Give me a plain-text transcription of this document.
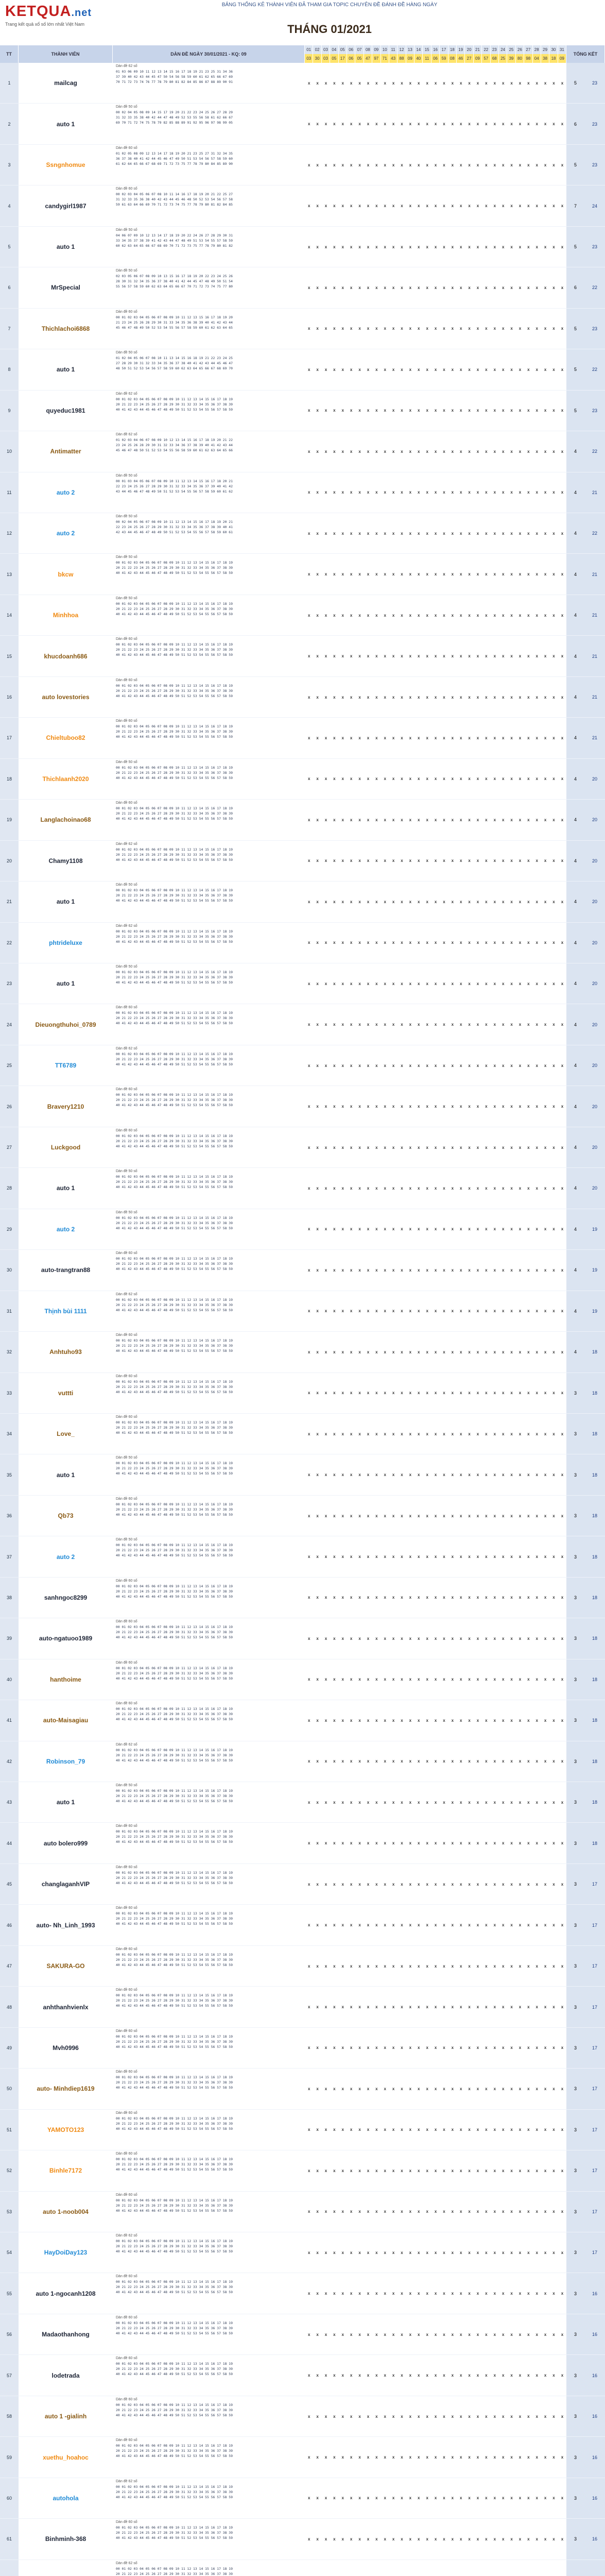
KETQUA.net
Trang kết quả xổ số lớn nhất Việt Nam
BẢNG THỐNG KÊ THÀNH VIÊN ĐÃ THAM GIA TOPIC CHUYÊN ĐỀ ĐÁNH ĐỀ HÀNG NGÀY
THÁNG 01/2021
TT	THÀNH VIÊN	DÀN ĐỀ NGÀY 30/01/2021 - KQ: 09
01 02 03 04 05 06 07 08 09 10 11 12 13 14 15 16 17 18 19 20 21 22 23 24 25 26 27 28 29 30 31
03 30 03 05 17 06 05 47 97 71 43 88 09 40 11 06 59 08 46 27 09 57 68 25 39 80 98 04 38 18 09
TỔNG KẾT
1	mailcag
Dàn đề 62 số
01 03 06 09 10 11 12 13 14 15 16 17 18 19 21 23 25 31 34 36
37 39 40 42 43 44 45 47 50 54 56 58 59 60 61 62 65 66 67 69
70 71 72 73 74 76 77 78 79 80 81 82 84 85 86 87 88 89 90 91	x	x	x	x	x	x	x	x	x	x	x	x	x	x	x	x	x	x	x	x	x	x	x	x	x	x	x	x	x	x	x	5	23
2	auto 1
Dàn đề 50 số
00 02 04 05 08 09 14 15 17 19 20 21 22 23 24 25 26 27 28 29
31 32 33 35 38 40 42 44 47 48 49 52 53 55 56 58 61 62 66 67
69 70 71 72 74 75 78 79 82 85 88 89 91 92 95 96 97 98 99 05	x	x	x	x	x	x	x	x	x	x	x	x	x	x	x	x	x	x	x	x	x	x	x	x	x	x	x	x	x	x	x	6	23
3	Ssngnhomue
Dàn đề 60 số
01 02 05 08 09 12 13 14 17 18 19 20 21 23 25 27 31 32 34 35
36 37 38 40 41 42 44 45 46 47 49 50 51 53 54 56 57 58 59 60
61 62 64 65 66 67 68 69 71 72 73 75 77 78 79 80 84 85 89 90	x	x	x	x	x	x	x	x	x	x	x	x	x	x	x	x	x	x	x	x	x	x	x	x	x	x	x	x	x	x	x	5	23
4	candygirl1987
Dàn đề 60 số
00 02 03 04 05 06 07 08 10 11 14 16 17 18 19 20 21 22 25 27
31 32 33 35 36 38 40 42 43 44 45 46 48 50 52 53 54 56 57 58
59 61 63 64 66 69 70 71 72 73 74 75 77 78 79 80 81 82 84 85	x	x	x	x	x	x	x	x	x	x	x	x	x	x	x	x	x	x	x	x	x	x	x	x	x	x	x	x	x	x	x	7	24
5	auto 1
Dàn đề 50 số
04 06 07 09 10 12 13 14 17 18 19 20 22 24 26 27 28 29 30 31
33 34 35 37 38 39 41 42 43 44 47 48 49 51 53 54 55 57 58 59
60 62 63 64 65 66 67 68 69 70 71 72 73 75 77 78 79 80 81 82	x	x	x	x	x	x	x	x	x	x	x	x	x	x	x	x	x	x	x	x	x	x	x	x	x	x	x	x	x	x	x	5	23
6	MrSpecial
Dàn đề 50 số
02 03 05 06 07 08 09 10 13 15 16 17 18 19 20 22 23 24 25 26
28 30 31 32 34 35 36 37 38 40 41 42 44 45 47 48 49 50 51 54
55 56 57 58 59 60 62 63 64 65 66 67 70 71 72 73 74 75 77 80	x	x	x	x	x	x	x	x	x	x	x	x	x	x	x	x	x	x	x	x	x	x	x	x	x	x	x	x	x	x	x	6	22
7	Thichlachoi6868
Dàn đề 60 số
00 01 02 03 04 05 06 07 08 09 10 11 12 13 15 16 17 18 19 20
21 23 24 25 26 28 29 30 31 33 34 35 36 38 39 40 41 42 43 44
45 46 47 48 49 50 52 53 54 55 56 57 58 59 60 61 62 63 64 65	x	x	x	x	x	x	x	x	x	x	x	x	x	x	x	x	x	x	x	x	x	x	x	x	x	x	x	x	x	x	x	5	23
8	auto 1
Dàn đề 50 số
01 02 04 05 06 07 08 10 11 13 14 15 16 18 19 21 22 23 24 25
27 28 29 30 31 32 33 34 35 36 37 38 40 41 42 43 44 45 46 47
48 50 51 52 53 54 56 57 58 59 60 62 63 64 65 66 67 68 69 70	x	x	x	x	x	x	x	x	x	x	x	x	x	x	x	x	x	x	x	x	x	x	x	x	x	x	x	x	x	x	x	5	22
9	quyeduc1981
Dàn đề 62 số
00 01 02 03 04 05 06 07 08 09 10 11 12 13 14 15 16 17 18 19
20 21 22 23 24 25 26 27 28 29 30 31 32 33 34 35 36 37 38 39
40 41 42 43 44 45 46 47 48 49 50 51 52 53 54 55 56 57 58 59	x	x	x	x	x	x	x	x	x	x	x	x	x	x	x	x	x	x	x	x	x	x	x	x	x	x	x	x	x	x	x	5	23
10	Antimatter
Dàn đề 62 số
01 02 03 04 06 07 08 09 10 12 13 14 15 16 17 18 19 20 21 22
23 24 25 26 28 29 30 31 32 33 34 36 37 38 39 40 41 42 43 44
45 46 47 48 50 51 52 53 54 55 56 58 59 60 61 62 63 64 65 66	x	x	x	x	x	x	x	x	x	x	x	x	x	x	x	x	x	x	x	x	x	x	x	x	x	x	x	x	x	x	x	4	22
11	auto 2
Dàn đề 50 số
00 01 03 04 05 06 07 08 09 10 11 12 13 14 15 16 17 18 20 21
22 23 24 25 26 27 28 29 30 31 32 33 34 35 36 37 39 40 41 42
43 44 45 46 47 48 49 50 51 52 53 54 55 56 57 58 59 60 61 62	x	x	x	x	x	x	x	x	x	x	x	x	x	x	x	x	x	x	x	x	x	x	x	x	x	x	x	x	x	x	x	4	21
12	auto 2
Dàn đề 50 số
00 02 04 05 06 07 08 09 10 11 12 13 14 15 16 17 18 19 20 21
22 23 24 25 26 27 28 29 30 31 32 33 34 35 36 37 38 39 40 41
42 43 44 45 46 47 48 49 50 51 52 53 54 55 56 57 58 59 60 61	x	x	x	x	x	x	x	x	x	x	x	x	x	x	x	x	x	x	x	x	x	x	x	x	x	x	x	x	x	x	x	4	22
13	bkcw
Dàn đề 50 số
00 01 02 03 04 05 06 07 08 09 10 11 12 13 14 15 16 17 18 19
20 21 22 23 24 25 26 27 28 29 30 31 32 33 34 35 36 37 38 39
40 41 42 43 44 45 46 47 48 49 50 51 52 53 54 55 56 57 58 59	x	x	x	x	x	x	x	x	x	x	x	x	x	x	x	x	x	x	x	x	x	x	x	x	x	x	x	x	x	x	x	4	21
14	Minhhoa
Dàn đề 50 số
00 01 02 03 04 05 06 07 08 09 10 11 12 13 14 15 16 17 18 19
20 21 22 23 24 25 26 27 28 29 30 31 32 33 34 35 36 37 38 39
40 41 42 43 44 45 46 47 48 49 50 51 52 53 54 55 56 57 58 59	x	x	x	x	x	x	x	x	x	x	x	x	x	x	x	x	x	x	x	x	x	x	x	x	x	x	x	x	x	x	x	4	21
15	khucdoanh686
Dàn đề 60 số
00 01 02 03 04 05 06 07 08 09 10 11 12 13 14 15 16 17 18 19
20 21 22 23 24 25 26 27 28 29 30 31 32 33 34 35 36 37 38 39
40 41 42 43 44 45 46 47 48 49 50 51 52 53 54 55 56 57 58 59	x	x	x	x	x	x	x	x	x	x	x	x	x	x	x	x	x	x	x	x	x	x	x	x	x	x	x	x	x	x	x	4	21
16	auto lovestories
Dàn đề 60 số
00 01 02 03 04 05 06 07 08 09 10 11 12 13 14 15 16 17 18 19
20 21 22 23 24 25 26 27 28 29 30 31 32 33 34 35 36 37 38 39
40 41 42 43 44 45 46 47 48 49 50 51 52 53 54 55 56 57 58 59	x	x	x	x	x	x	x	x	x	x	x	x	x	x	x	x	x	x	x	x	x	x	x	x	x	x	x	x	x	x	x	4	21
17	Chieltuboo82
Dàn đề 60 số
00 01 02 03 04 05 06 07 08 09 10 11 12 13 14 15 16 17 18 19
20 21 22 23 24 25 26 27 28 29 30 31 32 33 34 35 36 37 38 39
40 41 42 43 44 45 46 47 48 49 50 51 52 53 54 55 56 57 58 59	x	x	x	x	x	x	x	x	x	x	x	x	x	x	x	x	x	x	x	x	x	x	x	x	x	x	x	x	x	x	x	4	21
18	Thichlaanh2020
Dàn đề 50 số
00 01 02 03 04 05 06 07 08 09 10 11 12 13 14 15 16 17 18 19
20 21 22 23 24 25 26 27 28 29 30 31 32 33 34 35 36 37 38 39
40 41 42 43 44 45 46 47 48 49 50 51 52 53 54 55 56 57 58 59	x	x	x	x	x	x	x	x	x	x	x	x	x	x	x	x	x	x	x	x	x	x	x	x	x	x	x	x	x	x	x	4	20
19	Langlachoinao68
Dàn đề 60 số
00 01 02 03 04 05 06 07 08 09 10 11 12 13 14 15 16 17 18 19
20 21 22 23 24 25 26 27 28 29 30 31 32 33 34 35 36 37 38 39
40 41 42 43 44 45 46 47 48 49 50 51 52 53 54 55 56 57 58 59	x	x	x	x	x	x	x	x	x	x	x	x	x	x	x	x	x	x	x	x	x	x	x	x	x	x	x	x	x	x	x	4	20
20	Chamy1108
Dàn đề 62 số
00 01 02 03 04 05 06 07 08 09 10 11 12 13 14 15 16 17 18 19
20 21 22 23 24 25 26 27 28 29 30 31 32 33 34 35 36 37 38 39
40 41 42 43 44 45 46 47 48 49 50 51 52 53 54 55 56 57 58 59	x	x	x	x	x	x	x	x	x	x	x	x	x	x	x	x	x	x	x	x	x	x	x	x	x	x	x	x	x	x	x	4	20
21	auto 1
Dàn đề 50 số
00 01 02 03 04 05 06 07 08 09 10 11 12 13 14 15 16 17 18 19
20 21 22 23 24 25 26 27 28 29 30 31 32 33 34 35 36 37 38 39
40 41 42 43 44 45 46 47 48 49 50 51 52 53 54 55 56 57 58 59	x	x	x	x	x	x	x	x	x	x	x	x	x	x	x	x	x	x	x	x	x	x	x	x	x	x	x	x	x	x	x	4	20
22	phtrideluxe
Dàn đề 62 số
00 01 02 03 04 05 06 07 08 09 10 11 12 13 14 15 16 17 18 19
20 21 22 23 24 25 26 27 28 29 30 31 32 33 34 35 36 37 38 39
40 41 42 43 44 45 46 47 48 49 50 51 52 53 54 55 56 57 58 59	x	x	x	x	x	x	x	x	x	x	x	x	x	x	x	x	x	x	x	x	x	x	x	x	x	x	x	x	x	x	x	4	20
23	auto 1
Dàn đề 50 số
00 01 02 03 04 05 06 07 08 09 10 11 12 13 14 15 16 17 18 19
20 21 22 23 24 25 26 27 28 29 30 31 32 33 34 35 36 37 38 39
40 41 42 43 44 45 46 47 48 49 50 51 52 53 54 55 56 57 58 59	x	x	x	x	x	x	x	x	x	x	x	x	x	x	x	x	x	x	x	x	x	x	x	x	x	x	x	x	x	x	x	4	20
24	Dieuongthuhoi_0789
Dàn đề 60 số
00 01 02 03 04 05 06 07 08 09 10 11 12 13 14 15 16 17 18 19
20 21 22 23 24 25 26 27 28 29 30 31 32 33 34 35 36 37 38 39
40 41 42 43 44 45 46 47 48 49 50 51 52 53 54 55 56 57 58 59	x	x	x	x	x	x	x	x	x	x	x	x	x	x	x	x	x	x	x	x	x	x	x	x	x	x	x	x	x	x	x	4	20
25	TT6789
Dàn đề 62 số
00 01 02 03 04 05 06 07 08 09 10 11 12 13 14 15 16 17 18 19
20 21 22 23 24 25 26 27 28 29 30 31 32 33 34 35 36 37 38 39
40 41 42 43 44 45 46 47 48 49 50 51 52 53 54 55 56 57 58 59	x	x	x	x	x	x	x	x	x	x	x	x	x	x	x	x	x	x	x	x	x	x	x	x	x	x	x	x	x	x	x	4	20
26	Bravery1210
Dàn đề 60 số
00 01 02 03 04 05 06 07 08 09 10 11 12 13 14 15 16 17 18 19
20 21 22 23 24 25 26 27 28 29 30 31 32 33 34 35 36 37 38 39
40 41 42 43 44 45 46 47 48 49 50 51 52 53 54 55 56 57 58 59	x	x	x	x	x	x	x	x	x	x	x	x	x	x	x	x	x	x	x	x	x	x	x	x	x	x	x	x	x	x	x	4	20
27	Luckgood
Dàn đề 60 số
00 01 02 03 04 05 06 07 08 09 10 11 12 13 14 15 16 17 18 19
20 21 22 23 24 25 26 27 28 29 30 31 32 33 34 35 36 37 38 39
40 41 42 43 44 45 46 47 48 49 50 51 52 53 54 55 56 57 58 59	x	x	x	x	x	x	x	x	x	x	x	x	x	x	x	x	x	x	x	x	x	x	x	x	x	x	x	x	x	x	x	4	20
28	auto 1
Dàn đề 50 số
00 01 02 03 04 05 06 07 08 09 10 11 12 13 14 15 16 17 18 19
20 21 22 23 24 25 26 27 28 29 30 31 32 33 34 35 36 37 38 39
40 41 42 43 44 45 46 47 48 49 50 51 52 53 54 55 56 57 58 59	x	x	x	x	x	x	x	x	x	x	x	x	x	x	x	x	x	x	x	x	x	x	x	x	x	x	x	x	x	x	x	4	20
29	auto 2
Dàn đề 50 số
00 01 02 03 04 05 06 07 08 09 10 11 12 13 14 15 16 17 18 19
20 21 22 23 24 25 26 27 28 29 30 31 32 33 34 35 36 37 38 39
40 41 42 43 44 45 46 47 48 49 50 51 52 53 54 55 56 57 58 59	x	x	x	x	x	x	x	x	x	x	x	x	x	x	x	x	x	x	x	x	x	x	x	x	x	x	x	x	x	x	x	4	19
30	auto-trangtran88
Dàn đề 60 số
00 01 02 03 04 05 06 07 08 09 10 11 12 13 14 15 16 17 18 19
20 21 22 23 24 25 26 27 28 29 30 31 32 33 34 35 36 37 38 39
40 41 42 43 44 45 46 47 48 49 50 51 52 53 54 55 56 57 58 59	x	x	x	x	x	x	x	x	x	x	x	x	x	x	x	x	x	x	x	x	x	x	x	x	x	x	x	x	x	x	x	4	19
31	Thịnh bùi 1111
Dàn đề 62 số
00 01 02 03 04 05 06 07 08 09 10 11 12 13 14 15 16 17 18 19
20 21 22 23 24 25 26 27 28 29 30 31 32 33 34 35 36 37 38 39
40 41 42 43 44 45 46 47 48 49 50 51 52 53 54 55 56 57 58 59	x	x	x	x	x	x	x	x	x	x	x	x	x	x	x	x	x	x	x	x	x	x	x	x	x	x	x	x	x	x	x	4	19
32	Anhtuho93
Dàn đề 60 số
00 01 02 03 04 05 06 07 08 09 10 11 12 13 14 15 16 17 18 19
20 21 22 23 24 25 26 27 28 29 30 31 32 33 34 35 36 37 38 39
40 41 42 43 44 45 46 47 48 49 50 51 52 53 54 55 56 57 58 59	x	x	x	x	x	x	x	x	x	x	x	x	x	x	x	x	x	x	x	x	x	x	x	x	x	x	x	x	x	x	x	4	18
33	vuttti
Dàn đề 60 số
00 01 02 03 04 05 06 07 08 09 10 11 12 13 14 15 16 17 18 19
20 21 22 23 24 25 26 27 28 29 30 31 32 33 34 35 36 37 38 39
40 41 42 43 44 45 46 47 48 49 50 51 52 53 54 55 56 57 58 59	x	x	x	x	x	x	x	x	x	x	x	x	x	x	x	x	x	x	x	x	x	x	x	x	x	x	x	x	x	x	x	3	18
34	Love_
Dàn đề 60 số
00 01 02 03 04 05 06 07 08 09 10 11 12 13 14 15 16 17 18 19
20 21 22 23 24 25 26 27 28 29 30 31 32 33 34 35 36 37 38 39
40 41 42 43 44 45 46 47 48 49 50 51 52 53 54 55 56 57 58 59	x	x	x	x	x	x	x	x	x	x	x	x	x	x	x	x	x	x	x	x	x	x	x	x	x	x	x	x	x	x	x	3	18
35	auto 1
Dàn đề 50 số
00 01 02 03 04 05 06 07 08 09 10 11 12 13 14 15 16 17 18 19
20 21 22 23 24 25 26 27 28 29 30 31 32 33 34 35 36 37 38 39
40 41 42 43 44 45 46 47 48 49 50 51 52 53 54 55 56 57 58 59	x	x	x	x	x	x	x	x	x	x	x	x	x	x	x	x	x	x	x	x	x	x	x	x	x	x	x	x	x	x	x	3	18
36	Qb73
Dàn đề 60 số
00 01 02 03 04 05 06 07 08 09 10 11 12 13 14 15 16 17 18 19
20 21 22 23 24 25 26 27 28 29 30 31 32 33 34 35 36 37 38 39
40 41 42 43 44 45 46 47 48 49 50 51 52 53 54 55 56 57 58 59	x	x	x	x	x	x	x	x	x	x	x	x	x	x	x	x	x	x	x	x	x	x	x	x	x	x	x	x	x	x	x	3	18
37	auto 2
Dàn đề 50 số
00 01 02 03 04 05 06 07 08 09 10 11 12 13 14 15 16 17 18 19
20 21 22 23 24 25 26 27 28 29 30 31 32 33 34 35 36 37 38 39
40 41 42 43 44 45 46 47 48 49 50 51 52 53 54 55 56 57 58 59	x	x	x	x	x	x	x	x	x	x	x	x	x	x	x	x	x	x	x	x	x	x	x	x	x	x	x	x	x	x	x	3	18
38	sanhngoc8299
Dàn đề 60 số
00 01 02 03 04 05 06 07 08 09 10 11 12 13 14 15 16 17 18 19
20 21 22 23 24 25 26 27 28 29 30 31 32 33 34 35 36 37 38 39
40 41 42 43 44 45 46 47 48 49 50 51 52 53 54 55 56 57 58 59	x	x	x	x	x	x	x	x	x	x	x	x	x	x	x	x	x	x	x	x	x	x	x	x	x	x	x	x	x	x	x	3	18
39	auto-ngatuoo1989
Dàn đề 60 số
00 01 02 03 04 05 06 07 08 09 10 11 12 13 14 15 16 17 18 19
20 21 22 23 24 25 26 27 28 29 30 31 32 33 34 35 36 37 38 39
40 41 42 43 44 45 46 47 48 49 50 51 52 53 54 55 56 57 58 59	x	x	x	x	x	x	x	x	x	x	x	x	x	x	x	x	x	x	x	x	x	x	x	x	x	x	x	x	x	x	x	3	18
40	hanthoime
Dàn đề 60 số
00 01 02 03 04 05 06 07 08 09 10 11 12 13 14 15 16 17 18 19
20 21 22 23 24 25 26 27 28 29 30 31 32 33 34 35 36 37 38 39
40 41 42 43 44 45 46 47 48 49 50 51 52 53 54 55 56 57 58 59	x	x	x	x	x	x	x	x	x	x	x	x	x	x	x	x	x	x	x	x	x	x	x	x	x	x	x	x	x	x	x	3	18
41	auto-Maisagiau
Dàn đề 60 số
00 01 02 03 04 05 06 07 08 09 10 11 12 13 14 15 16 17 18 19
20 21 22 23 24 25 26 27 28 29 30 31 32 33 34 35 36 37 38 39
40 41 42 43 44 45 46 47 48 49 50 51 52 53 54 55 56 57 58 59	x	x	x	x	x	x	x	x	x	x	x	x	x	x	x	x	x	x	x	x	x	x	x	x	x	x	x	x	x	x	x	3	18
42	Robinson_79
Dàn đề 62 số
00 01 02 03 04 05 06 07 08 09 10 11 12 13 14 15 16 17 18 19
20 21 22 23 24 25 26 27 28 29 30 31 32 33 34 35 36 37 38 39
40 41 42 43 44 45 46 47 48 49 50 51 52 53 54 55 56 57 58 59	x	x	x	x	x	x	x	x	x	x	x	x	x	x	x	x	x	x	x	x	x	x	x	x	x	x	x	x	x	x	x	3	18
43	auto 1
Dàn đề 50 số
00 01 02 03 04 05 06 07 08 09 10 11 12 13 14 15 16 17 18 19
20 21 22 23 24 25 26 27 28 29 30 31 32 33 34 35 36 37 38 39
40 41 42 43 44 45 46 47 48 49 50 51 52 53 54 55 56 57 58 59	x	x	x	x	x	x	x	x	x	x	x	x	x	x	x	x	x	x	x	x	x	x	x	x	x	x	x	x	x	x	x	3	18
44	auto bolero999
Dàn đề 60 số
00 01 02 03 04 05 06 07 08 09 10 11 12 13 14 15 16 17 18 19
20 21 22 23 24 25 26 27 28 29 30 31 32 33 34 35 36 37 38 39
40 41 42 43 44 45 46 47 48 49 50 51 52 53 54 55 56 57 58 59	x	x	x	x	x	x	x	x	x	x	x	x	x	x	x	x	x	x	x	x	x	x	x	x	x	x	x	x	x	x	x	3	18
45	changlaganhVIP
Dàn đề 60 số
00 01 02 03 04 05 06 07 08 09 10 11 12 13 14 15 16 17 18 19
20 21 22 23 24 25 26 27 28 29 30 31 32 33 34 35 36 37 38 39
40 41 42 43 44 45 46 47 48 49 50 51 52 53 54 55 56 57 58 59	x	x	x	x	x	x	x	x	x	x	x	x	x	x	x	x	x	x	x	x	x	x	x	x	x	x	x	x	x	x	x	3	17
46	auto- Nh_Linh_1993
Dàn đề 60 số
00 01 02 03 04 05 06 07 08 09 10 11 12 13 14 15 16 17 18 19
20 21 22 23 24 25 26 27 28 29 30 31 32 33 34 35 36 37 38 39
40 41 42 43 44 45 46 47 48 49 50 51 52 53 54 55 56 57 58 59	x	x	x	x	x	x	x	x	x	x	x	x	x	x	x	x	x	x	x	x	x	x	x	x	x	x	x	x	x	x	x	3	17
47	SAKURA-GO
Dàn đề 60 số
00 01 02 03 04 05 06 07 08 09 10 11 12 13 14 15 16 17 18 19
20 21 22 23 24 25 26 27 28 29 30 31 32 33 34 35 36 37 38 39
40 41 42 43 44 45 46 47 48 49 50 51 52 53 54 55 56 57 58 59	x	x	x	x	x	x	x	x	x	x	x	x	x	x	x	x	x	x	x	x	x	x	x	x	x	x	x	x	x	x	x	3	17
48	anhthanhvienlx
Dàn đề 60 số
00 01 02 03 04 05 06 07 08 09 10 11 12 13 14 15 16 17 18 19
20 21 22 23 24 25 26 27 28 29 30 31 32 33 34 35 36 37 38 39
40 41 42 43 44 45 46 47 48 49 50 51 52 53 54 55 56 57 58 59	x	x	x	x	x	x	x	x	x	x	x	x	x	x	x	x	x	x	x	x	x	x	x	x	x	x	x	x	x	x	x	3	17
49	Mvh0996
Dàn đề 60 số
00 01 02 03 04 05 06 07 08 09 10 11 12 13 14 15 16 17 18 19
20 21 22 23 24 25 26 27 28 29 30 31 32 33 34 35 36 37 38 39
40 41 42 43 44 45 46 47 48 49 50 51 52 53 54 55 56 57 58 59	x	x	x	x	x	x	x	x	x	x	x	x	x	x	x	x	x	x	x	x	x	x	x	x	x	x	x	x	x	x	x	3	17
50	auto- Minhdiep1619
Dàn đề 60 số
00 01 02 03 04 05 06 07 08 09 10 11 12 13 14 15 16 17 18 19
20 21 22 23 24 25 26 27 28 29 30 31 32 33 34 35 36 37 38 39
40 41 42 43 44 45 46 47 48 49 50 51 52 53 54 55 56 57 58 59	x	x	x	x	x	x	x	x	x	x	x	x	x	x	x	x	x	x	x	x	x	x	x	x	x	x	x	x	x	x	x	3	17
51	YAMOTO123
Dàn đề 60 số
00 01 02 03 04 05 06 07 08 09 10 11 12 13 14 15 16 17 18 19
20 21 22 23 24 25 26 27 28 29 30 31 32 33 34 35 36 37 38 39
40 41 42 43 44 45 46 47 48 49 50 51 52 53 54 55 56 57 58 59	x	x	x	x	x	x	x	x	x	x	x	x	x	x	x	x	x	x	x	x	x	x	x	x	x	x	x	x	x	x	x	3	17
52	Binhle7172
Dàn đề 60 số
00 01 02 03 04 05 06 07 08 09 10 11 12 13 14 15 16 17 18 19
20 21 22 23 24 25 26 27 28 29 30 31 32 33 34 35 36 37 38 39
40 41 42 43 44 45 46 47 48 49 50 51 52 53 54 55 56 57 58 59	x	x	x	x	x	x	x	x	x	x	x	x	x	x	x	x	x	x	x	x	x	x	x	x	x	x	x	x	x	x	x	3	17
53	auto 1-noob004
Dàn đề 60 số
00 01 02 03 04 05 06 07 08 09 10 11 12 13 14 15 16 17 18 19
20 21 22 23 24 25 26 27 28 29 30 31 32 33 34 35 36 37 38 39
40 41 42 43 44 45 46 47 48 49 50 51 52 53 54 55 56 57 58 59	x	x	x	x	x	x	x	x	x	x	x	x	x	x	x	x	x	x	x	x	x	x	x	x	x	x	x	x	x	x	x	3	17
54	HayDoiDay123
Dàn đề 62 số
00 01 02 03 04 05 06 07 08 09 10 11 12 13 14 15 16 17 18 19
20 21 22 23 24 25 26 27 28 29 30 31 32 33 34 35 36 37 38 39
40 41 42 43 44 45 46 47 48 49 50 51 52 53 54 55 56 57 58 59	x	x	x	x	x	x	x	x	x	x	x	x	x	x	x	x	x	x	x	x	x	x	x	x	x	x	x	x	x	x	x	3	17
55	auto 1-ngocanh1208
Dàn đề 60 số
00 01 02 03 04 05 06 07 08 09 10 11 12 13 14 15 16 17 18 19
20 21 22 23 24 25 26 27 28 29 30 31 32 33 34 35 36 37 38 39
40 41 42 43 44 45 46 47 48 49 50 51 52 53 54 55 56 57 58 59	x	x	x	x	x	x	x	x	x	x	x	x	x	x	x	x	x	x	x	x	x	x	x	x	x	x	x	x	x	x	x	3	16
56	Madaothanhong
Dàn đề 60 số
00 01 02 03 04 05 06 07 08 09 10 11 12 13 14 15 16 17 18 19
20 21 22 23 24 25 26 27 28 29 30 31 32 33 34 35 36 37 38 39
40 41 42 43 44 45 46 47 48 49 50 51 52 53 54 55 56 57 58 59	x	x	x	x	x	x	x	x	x	x	x	x	x	x	x	x	x	x	x	x	x	x	x	x	x	x	x	x	x	x	x	3	16
57	lodetrada
Dàn đề 60 số
00 01 02 03 04 05 06 07 08 09 10 11 12 13 14 15 16 17 18 19
20 21 22 23 24 25 26 27 28 29 30 31 32 33 34 35 36 37 38 39
40 41 42 43 44 45 46 47 48 49 50 51 52 53 54 55 56 57 58 59	x	x	x	x	x	x	x	x	x	x	x	x	x	x	x	x	x	x	x	x	x	x	x	x	x	x	x	x	x	x	x	3	16
58	auto 1 -gialinh
Dàn đề 60 số
00 01 02 03 04 05 06 07 08 09 10 11 12 13 14 15 16 17 18 19
20 21 22 23 24 25 26 27 28 29 30 31 32 33 34 35 36 37 38 39
40 41 42 43 44 45 46 47 48 49 50 51 52 53 54 55 56 57 58 59	x	x	x	x	x	x	x	x	x	x	x	x	x	x	x	x	x	x	x	x	x	x	x	x	x	x	x	x	x	x	x	3	16
59	xuethu_hoahoc
Dàn đề 60 số
00 01 02 03 04 05 06 07 08 09 10 11 12 13 14 15 16 17 18 19
20 21 22 23 24 25 26 27 28 29 30 31 32 33 34 35 36 37 38 39
40 41 42 43 44 45 46 47 48 49 50 51 52 53 54 55 56 57 58 59	x	x	x	x	x	x	x	x	x	x	x	x	x	x	x	x	x	x	x	x	x	x	x	x	x	x	x	x	x	x	x	3	16
60	autohola
Dàn đề 62 số
00 01 02 03 04 05 06 07 08 09 10 11 12 13 14 15 16 17 18 19
20 21 22 23 24 25 26 27 28 29 30 31 32 33 34 35 36 37 38 39
40 41 42 43 44 45 46 47 48 49 50 51 52 53 54 55 56 57 58 59	x	x	x	x	x	x	x	x	x	x	x	x	x	x	x	x	x	x	x	x	x	x	x	x	x	x	x	x	x	x	x	3	16
61	Binhminh-368
Dàn đề 60 số
00 01 02 03 04 05 06 07 08 09 10 11 12 13 14 15 16 17 18 19
20 21 22 23 24 25 26 27 28 29 30 31 32 33 34 35 36 37 38 39
40 41 42 43 44 45 46 47 48 49 50 51 52 53 54 55 56 57 58 59	x	x	x	x	x	x	x	x	x	x	x	x	x	x	x	x	x	x	x	x	x	x	x	x	x	x	x	x	x	x	x	3	16
Dàn đề 62 số
00 01 02 03 04 05 06 07 08 09 10 11 12 13 14 15 16 17 18 19
20 21 22 23 24 25 26 27 28 29 30 31 32 33 34 35 36 37 38 39
